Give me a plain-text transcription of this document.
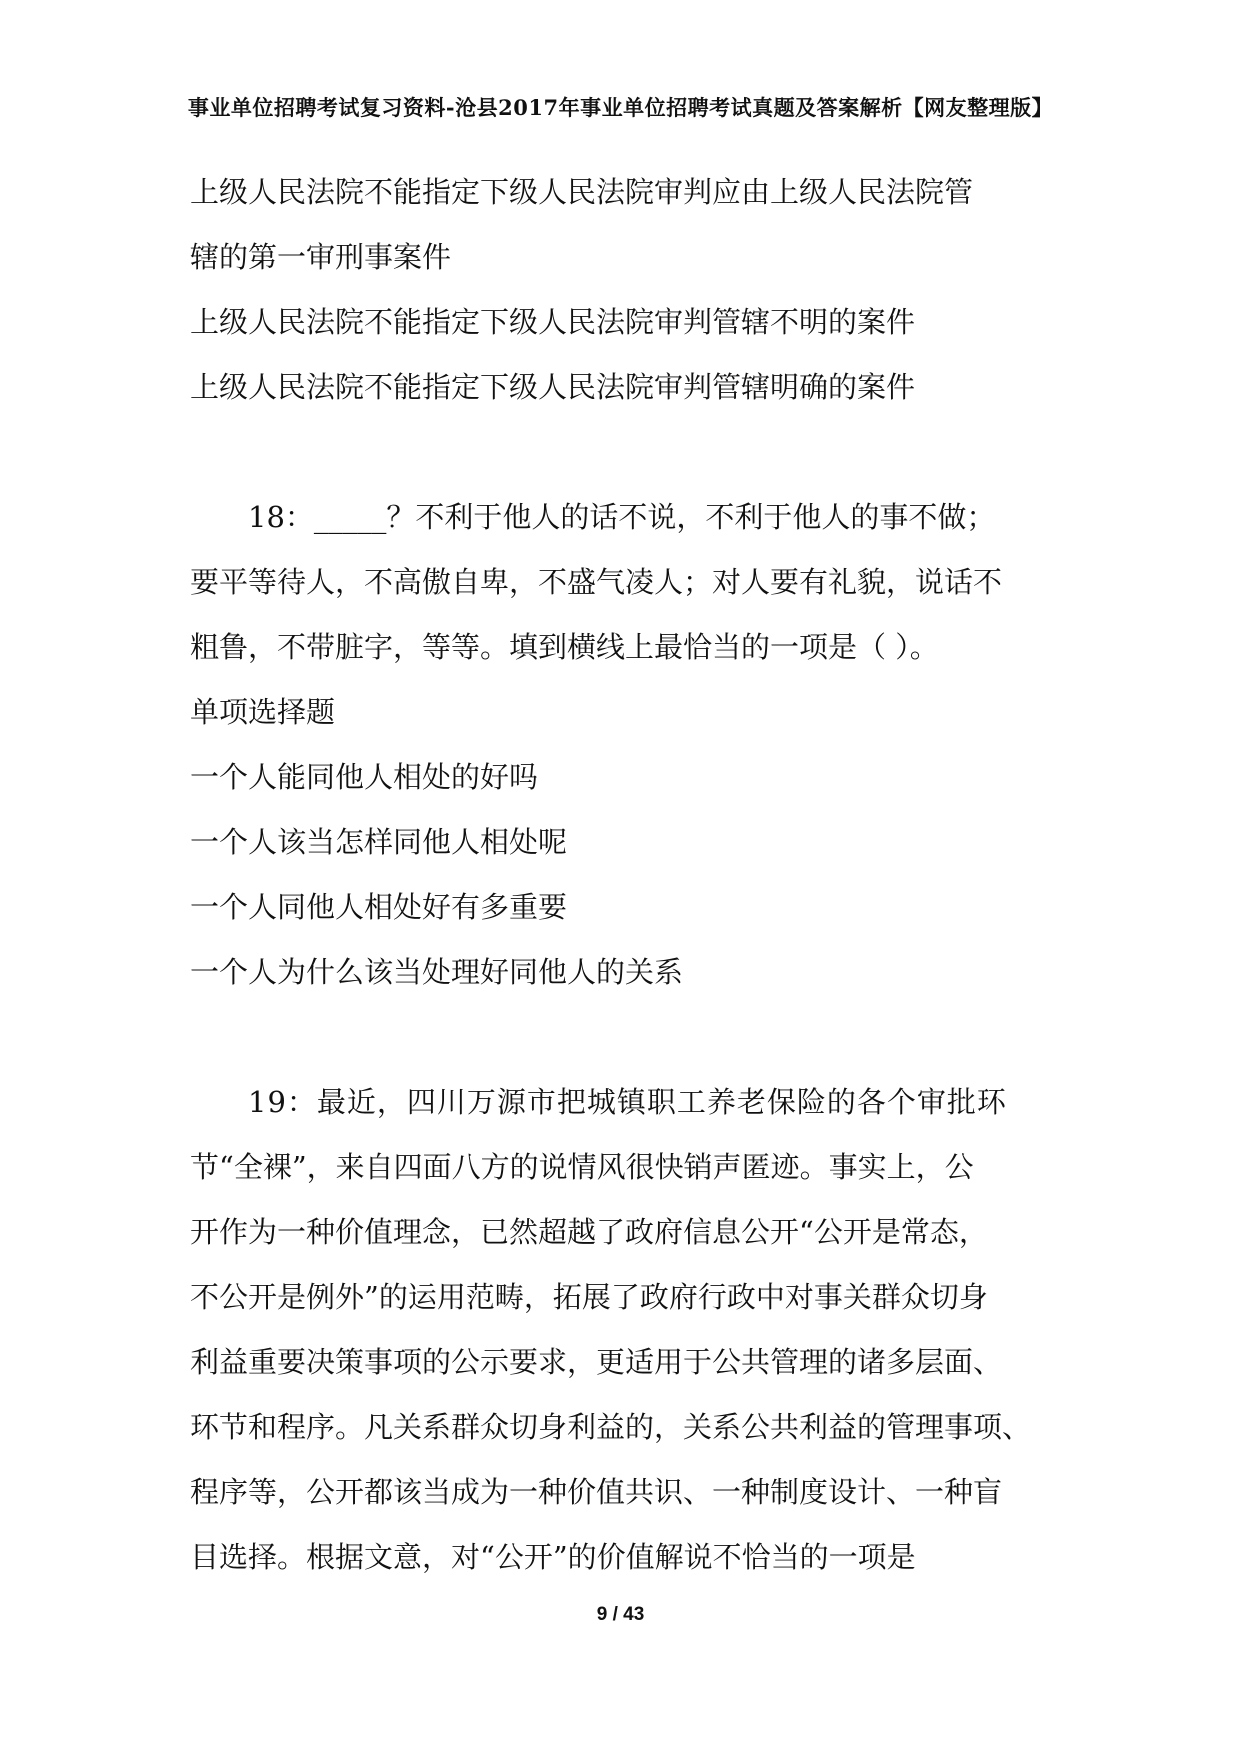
事业单位招聘考试复习资料-沧县2017年事业单位招聘考试真题及答案解析【网友整理版】
上级人民法院不能指定下级人民法院审判应由上级人民法院管
辖的第一审刑事案件
上级人民法院不能指定下级人民法院审判管辖不明的案件
上级人民法院不能指定下级人民法院审判管辖明确的案件
18：_____？不利于他人的话不说，不利于他人的事不做；
要平等待人，不高傲自卑，不盛气凌人；对人要有礼貌，说话不
粗鲁，不带脏字，等等。填到横线上最恰当的一项是（ ）。
单项选择题
一个人能同他人相处的好吗
一个人该当怎样同他人相处呢
一个人同他人相处好有多重要
一个人为什么该当处理好同他人的关系
19：最近，四川万源市把城镇职工养老保险的各个审批环
节“全裸”，来自四面八方的说情风很快销声匿迹。事实上，公
开作为一种价值理念，已然超越了政府信息公开“公开是常态，
不公开是例外”的运用范畴，拓展了政府行政中对事关群众切身
利益重要决策事项的公示要求，更适用于公共管理的诸多层面、
环节和程序。凡关系群众切身利益的，关系公共利益的管理事项、
程序等，公开都该当成为一种价值共识、一种制度设计、一种盲
目选择。根据文意，对“公开”的价值解说不恰当的一项是
9 / 43
